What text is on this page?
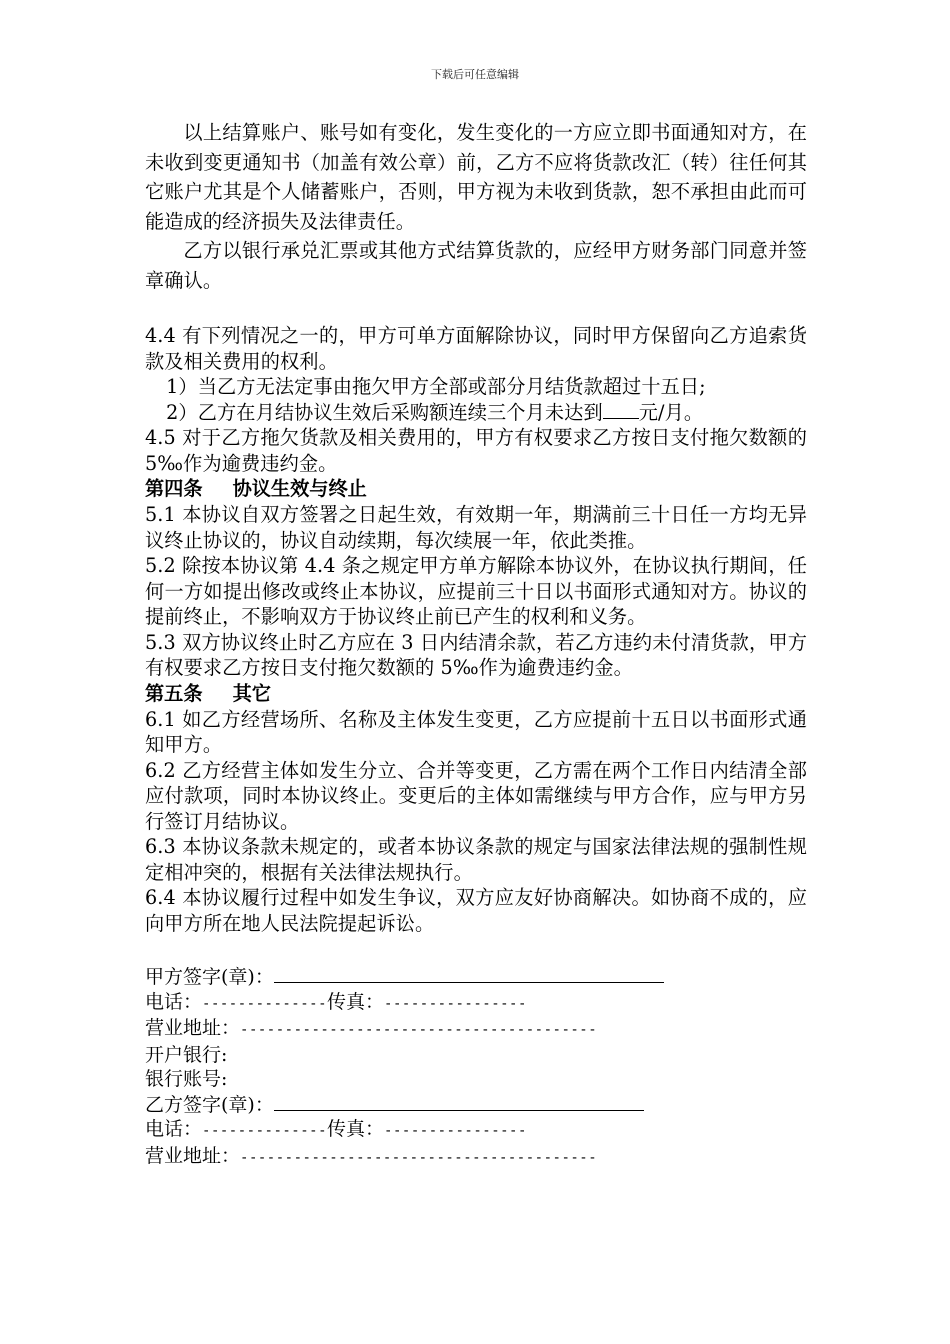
下载后可任意编辑

以上结算账户、账号如有变化，发生变化的一方应立即书面通知对方，在未收到变更通知书（加盖有效公章）前，乙方不应将货款改汇（转）往任何其它账户尤其是个人储蓄账户，否则，甲方视为未收到货款，恕不承担由此而可能造成的经济损失及法律责任。

乙方以银行承兑汇票或其他方式结算货款的，应经甲方财务部门同意并签章确认。

4.4 有下列情况之一的，甲方可单方面解除协议，同时甲方保留向乙方追索货款及相关费用的权利。

1）当乙方无法定事由拖欠甲方全部或部分月结货款超过十五日;

2）乙方在月结协议生效后采购额连续三个月未达到 元/月。

4.5 对于乙方拖欠货款及相关费用的，甲方有权要求乙方按日支付拖欠数额的 5‰作为逾费违约金。

第四条 协议生效与终止

5.1 本协议自双方签署之日起生效，有效期一年，期满前三十日任一方均无异议终止协议的，协议自动续期，每次续展一年，依此类推。

5.2 除按本协议第 4.4 条之规定甲方单方解除本协议外，在协议执行期间，任何一方如提出修改或终止本协议，应提前三十日以书面形式通知对方。协议的提前终止，不影响双方于协议终止前已产生的权利和义务。

5.3 双方协议终止时乙方应在 3 日内结清余款，若乙方违约未付清货款，甲方有权要求乙方按日支付拖欠数额的 5‰作为逾费违约金。

第五条 其它

6.1 如乙方经营场所、名称及主体发生变更，乙方应提前十五日以书面形式通知甲方。

6.2 乙方经营主体如发生分立、合并等变更，乙方需在两个工作日内结清全部应付款项，同时本协议终止。变更后的主体如需继续与甲方合作，应与甲方另行签订月结协议。

6.3 本协议条款未规定的，或者本协议条款的规定与国家法律法规的强制性规定相冲突的，根据有关法律法规执行。

6.4 本协议履行过程中如发生争议，双方应友好协商解决。如协商不成的，应向甲方所在地人民法院提起诉讼。

甲方签字(章)：

电话：--------------传真：----------------

营业地址：----------------------------------------

开户银行:

银行账号:

乙方签字(章)：

电话：--------------传真：----------------

营业地址：----------------------------------------
